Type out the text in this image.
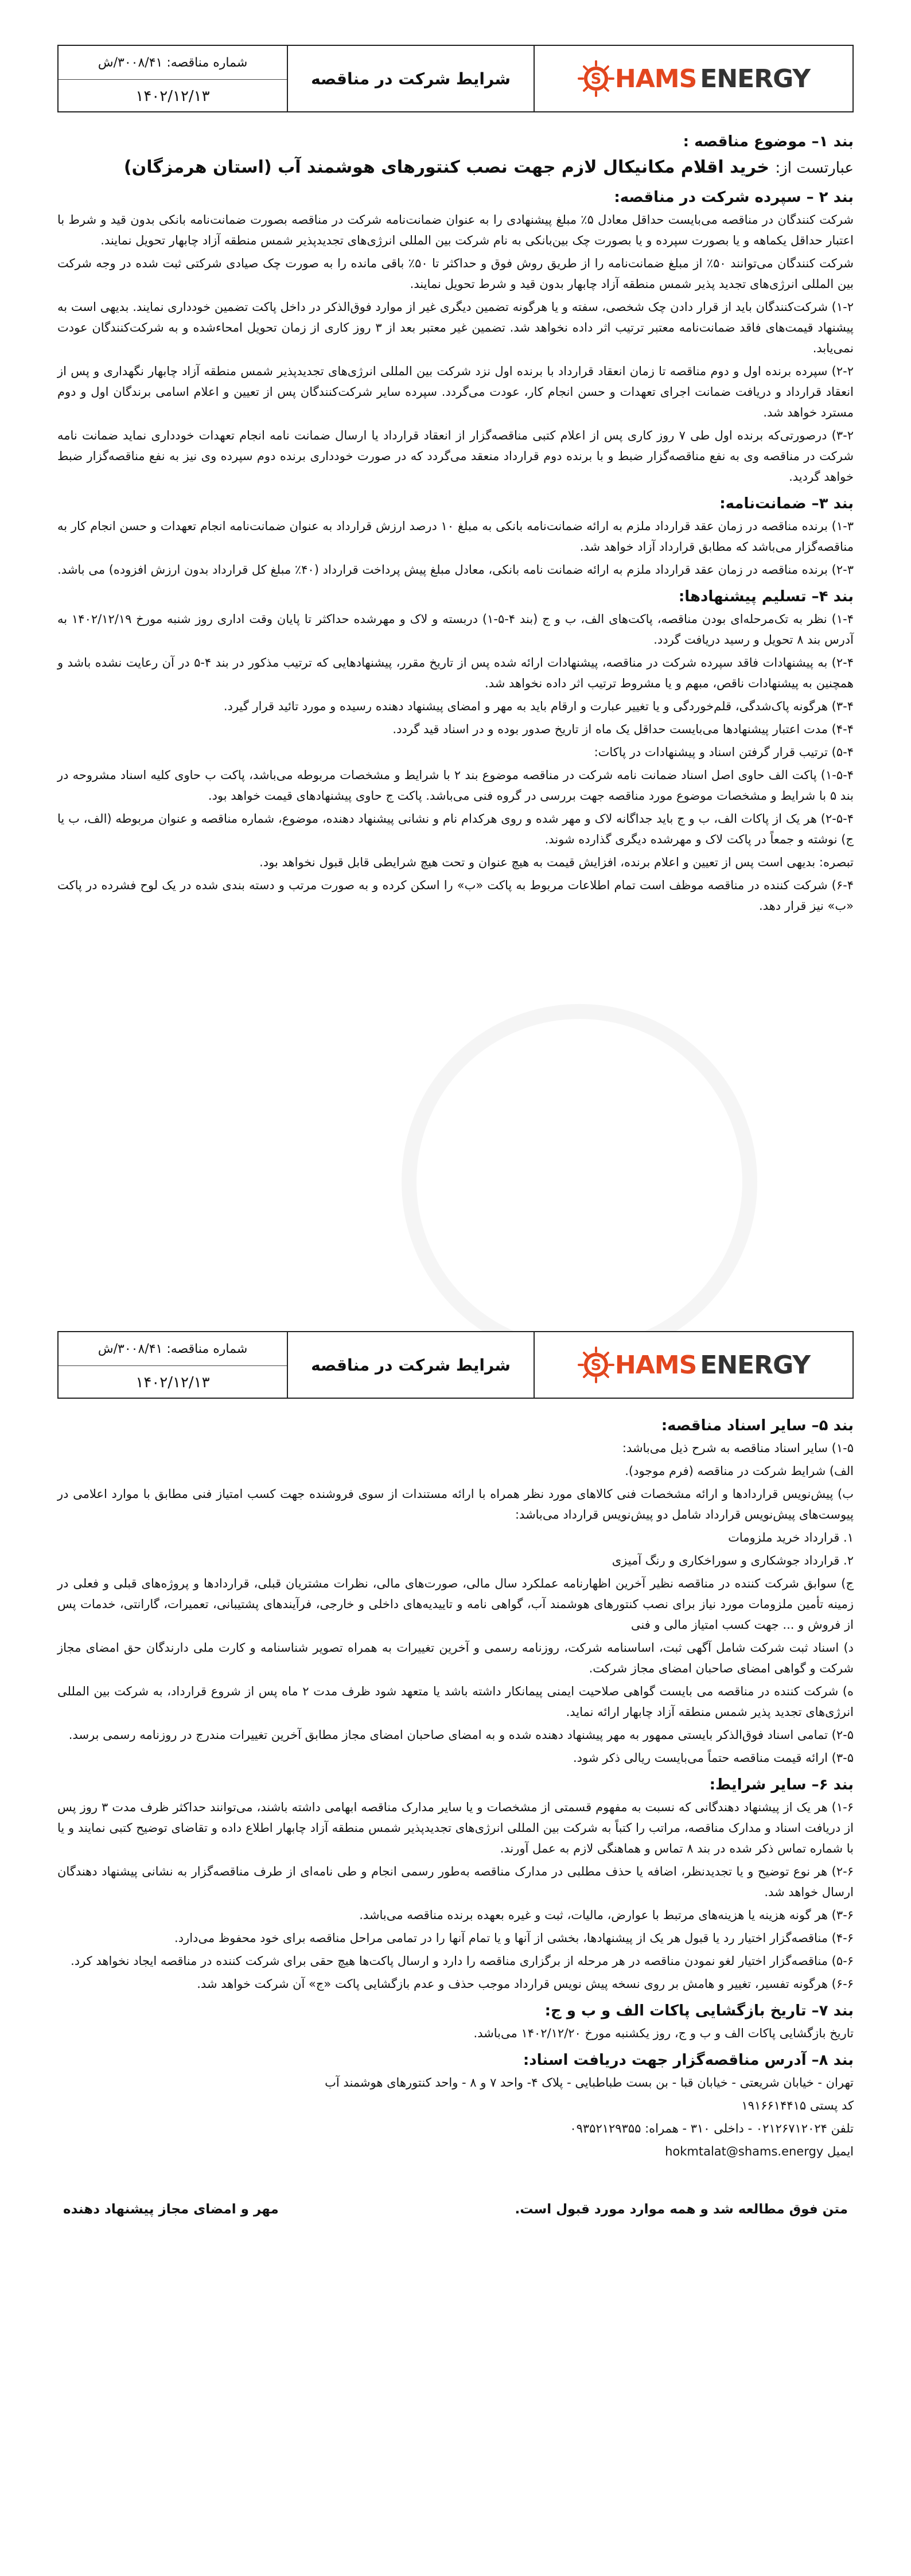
شماره مناقصه: ۳۰۰۸/۴۱/ش
۱۴۰۲/۱۲/۱۳
شرایط شرکت در مناقصه	S HAMS ENERGY
بند ۱– موضوع مناقصه :
عبارتست از: خرید اقلام مکانیکال لازم جهت نصب کنتورهای هوشمند آب (استان هرمزگان)
بند ۲ – سپرده شرکت در مناقصه:

شرکت کنندگان در مناقصه می‌بایست حداقل معادل ۵٪ مبلغ پیشنهادی را به عنوان ضمانت‌نامه شرکت در مناقصه بصورت ضمانت‌نامه بانکی بدون قید و شرط با اعتبار حداقل یکماهه و یا بصورت سپرده و یا بصورت چک بین‌بانکی به نام شرکت بین المللی انرژی‌های تجدیدپذیر شمس منطقه آزاد چابهار تحویل نمایند.

شرکت کنندگان می‌توانند ۵۰٪ از مبلغ ضمانت‌نامه را از طریق روش فوق و حداکثر تا ۵۰٪ باقی مانده را به صورت چک صیادی شرکتی ثبت شده در وجه شرکت بین المللی انرژی‌های تجدید پذیر شمس منطقه آزاد چابهار بدون قید و شرط تحویل نمایند.

۱-۲) شرکت‌کنندگان باید از قرار دادن چک شخصی، سفته و یا هرگونه تضمین دیگری غیر از موارد فوق‌الذکر در داخل پاکت تضمین خودداری نمایند. بدیهی است به پیشنهاد قیمت‌های فاقد ضمانت‌نامه معتبر ترتیب اثر داده نخواهد شد. تضمین غیر معتبر بعد از ۳ روز کاری از زمان تحویل امحاءشده و به شرکت‌کنندگان عودت نمی‌یابد.

۲-۲) سپرده برنده اول و دوم مناقصه تا زمان انعقاد قرارداد با برنده اول نزد شرکت بین المللی انرژی‌های تجدیدپذیر شمس منطقه آزاد چابهار نگهداری و پس از انعقاد قرارداد و دریافت ضمانت اجرای تعهدات و حسن انجام کار، عودت می‌گردد. سپرده سایر شرکت‌کنندگان پس از تعیین و اعلام اسامی برندگان اول و دوم مسترد خواهد شد.

۳-۲) درصورتی‌که برنده اول طی ۷ روز کاری پس از اعلام کتبی مناقصه‌گزار از انعقاد قرارداد یا ارسال ضمانت نامه انجام تعهدات خودداری نماید ضمانت نامه شرکت در مناقصه وی به نفع مناقصه‌گزار ضبط و با برنده دوم قرارداد منعقد می‌گردد که در صورت خودداری برنده دوم سپرده وی نیز به نفع مناقصه‌گزار ضبط خواهد گردید.

بند ۳– ضمانت‌نامه:

۱-۳) برنده مناقصه در زمان عقد قرارداد ملزم به ارائه ضمانت‌نامه بانکی به مبلغ ۱۰ درصد ارزش قرارداد به عنوان ضمانت‌نامه انجام تعهدات و حسن انجام کار به مناقصه‌گزار می‌باشد که مطابق قرارداد آزاد خواهد شد.

۲-۳) برنده مناقصه در زمان عقد قرارداد ملزم به ارائه ضمانت نامه بانکی، معادل مبلغ پیش پرداخت قرارداد (۴۰٪ مبلغ کل قرارداد بدون ارزش افزوده) می باشد.

بند ۴– تسلیم پیشنهادها:

۱-۴) نظر به تک‌مرحله‌ای بودن مناقصه، پاکت‌های الف، ب و ج (بند ۴-۵-۱) دربسته و لاک و مهرشده حداکثر تا پایان وقت اداری روز شنبه مورخ ۱۴۰۲/۱۲/۱۹ به آدرس بند ۸ تحویل و رسید دریافت گردد.

۲-۴) به پیشنهادات فاقد سپرده شرکت در مناقصه، پیشنهادات ارائه شده پس از تاریخ مقرر، پیشنهادهایی که ترتیب مذکور در بند ۴-۵ در آن رعایت نشده باشد و همچنین به پیشنهادات ناقص، مبهم و یا مشروط ترتیب اثر داده نخواهد شد.

۳-۴) هرگونه پاک‌شدگی، قلم‌خوردگی و یا تغییر عبارت و ارقام باید به مهر و امضای پیشنهاد دهنده رسیده و مورد تائید قرار گیرد.

۴-۴) مدت اعتبار پیشنهادها می‌بایست حداقل یک ماه از تاریخ صدور بوده و در اسناد قید گردد.

۵-۴) ترتیب قرار گرفتن اسناد و پیشنهادات در پاکات:

۱-۵-۴) پاکت الف حاوی اصل اسناد ضمانت نامه شرکت در مناقصه موضوع بند ۲ با شرایط و مشخصات مربوطه می‌باشد، پاکت ب حاوی کلیه اسناد مشروحه در بند ۵ با شرایط و مشخصات موضوع مورد مناقصه جهت بررسی در گروه فنی می‌باشد. پاکت ج حاوی پیشنهادهای قیمت خواهد بود.

۲-۵-۴) هر یک از پاکات الف، ب و ج باید جداگانه لاک و مهر شده و روی هرکدام نام و نشانی پیشنهاد دهنده، موضوع، شماره مناقصه و عنوان مربوطه (الف، ب یا ج) نوشته و جمعاً در پاکت لاک و مهرشده دیگری گذارده شوند.

تبصره: بدیهی است پس از تعیین و اعلام برنده، افزایش قیمت به هیچ عنوان و تحت هیچ شرایطی قابل قبول نخواهد بود.

۶-۴) شرکت کننده در مناقصه موظف است تمام اطلاعات مربوط به پاکت «ب» را اسکن کرده و به صورت مرتب و دسته بندی شده در یک لوح فشرده در پاکت «ب» نیز قرار دهد.

شماره مناقصه: ۳۰۰۸/۴۱/ش
۱۴۰۲/۱۲/۱۳
شرایط شرکت در مناقصه	S HAMS ENERGY
بند ۵– سایر اسناد مناقصه:

۱-۵) سایر اسناد مناقصه به شرح ذیل می‌باشد:

الف) شرایط شرکت در مناقصه (فرم موجود).

ب) پیش‌نویس قراردادها و ارائه مشخصات فنی کالاهای مورد نظر همراه با ارائه مستندات از سوی فروشنده جهت کسب امتیاز فنی مطابق با موارد اعلامی در پیوست‌های پیش‌نویس قرارداد شامل دو پیش‌نویس قرارداد می‌باشد:

۱. قرارداد خرید ملزومات

۲. قرارداد جوشکاری و سوراخکاری و رنگ آمیزی

ج) سوابق شرکت کننده در مناقصه نظیر آخرین اظهارنامه عملکرد سال مالی، صورت‌های مالی، نظرات مشتریان قبلی، قراردادها و پروژه‌های قبلی و فعلی در زمینه تأمین ملزومات مورد نیاز برای نصب کنتورهای هوشمند آب، گواهی نامه و تاییدیه‌های داخلی و خارجی، فرآیندهای پشتیبانی، تعمیرات، گارانتی، خدمات پس از فروش و ... جهت کسب امتیاز مالی و فنی

د) اسناد ثبت شرکت شامل آگهی ثبت، اساسنامه شرکت، روزنامه رسمی و آخرین تغییرات به همراه تصویر شناسنامه و کارت ملی دارندگان حق امضای مجاز شرکت و گواهی امضای صاحبان امضای مجاز شرکت.

ه) شرکت کننده در مناقصه می بایست گواهی صلاحیت ایمنی پیمانکار داشته باشد یا متعهد شود ظرف مدت ۲ ماه پس از شروع قرارداد، به شرکت بین المللی انرژی‌های تجدید پذیر شمس منطقه آزاد چابهار ارائه نماید.

۲-۵) تمامی اسناد فوق‌الذکر بایستی ممهور به مهر پیشنهاد دهنده شده و به امضای صاحبان امضای مجاز مطابق آخرین تغییرات مندرج در روزنامه رسمی برسد.

۳-۵) ارائه قیمت مناقصه حتماً می‌بایست ریالی ذکر شود.

بند ۶– سایر شرایط:

۱-۶) هر یک از پیشنهاد دهندگانی که نسبت به مفهوم قسمتی از مشخصات و یا سایر مدارک مناقصه ابهامی داشته باشند، می‌توانند حداکثر ظرف مدت ۳ روز پس از دریافت اسناد و مدارک مناقصه، مراتب را کتباً به شرکت بین المللی انرژی‌های تجدیدپذیر شمس منطقه آزاد چابهار اطلاع داده و تقاضای توضیح کتبی نمایند و یا با شماره تماس ذکر شده در بند ۸ تماس و هماهنگی لازم به عمل آورند.

۲-۶) هر نوع توضیح و یا تجدیدنظر، اضافه یا حذف مطلبی در مدارک مناقصه به‌طور رسمی انجام و طی نامه‌ای از طرف مناقصه‌گزار به نشانی پیشنهاد دهندگان ارسال خواهد شد.

۳-۶) هر گونه هزینه یا هزینه‌های مرتبط با عوارض، مالیات، ثبت و غیره بعهده برنده مناقصه می‌باشد.

۴-۶) مناقصه‌گزار اختیار رد یا قبول هر یک از پیشنهادها، بخشی از آنها و یا تمام آنها را در تمامی مراحل مناقصه برای خود محفوظ می‌دارد.

۵-۶) مناقصه‌گزار اختیار لغو نمودن مناقصه در هر مرحله از برگزاری مناقصه را دارد و ارسال پاکت‌ها هیچ حقی برای شرکت کننده در مناقصه ایجاد نخواهد کرد.

۶-۶) هرگونه تفسیر، تغییر و هامش بر روی نسخه پیش نویس قرارداد موجب حذف و عدم بازگشایی پاکت «ج» آن شرکت خواهد شد.

بند ۷– تاریخ بازگشایی پاکات الف و ب و ج:

تاریخ بازگشایی پاکات الف و ب و ج، روز یکشنبه مورخ ۱۴۰۲/۱۲/۲۰ می‌باشد.

بند ۸– آدرس مناقصه‌گزار جهت دریافت اسناد:

تهران - خیابان شریعتی - خیابان قبا - بن بست طباطبایی - پلاک ۴- واحد ۷ و ۸ - واحد کنتورهای هوشمند آب

کد پستی ۱۹۱۶۶۱۴۴۱۵

تلفن ۰۲۱۲۶۷۱۲۰۲۴ - داخلی ۳۱۰ - همراه: ۰۹۳۵۲۱۲۹۳۵۵

ایمیل hokmtalat@shams.energy

متن فوق مطالعه شد و همه موارد مورد قبول است.
مهر و امضای مجاز پیشنهاد دهنده
